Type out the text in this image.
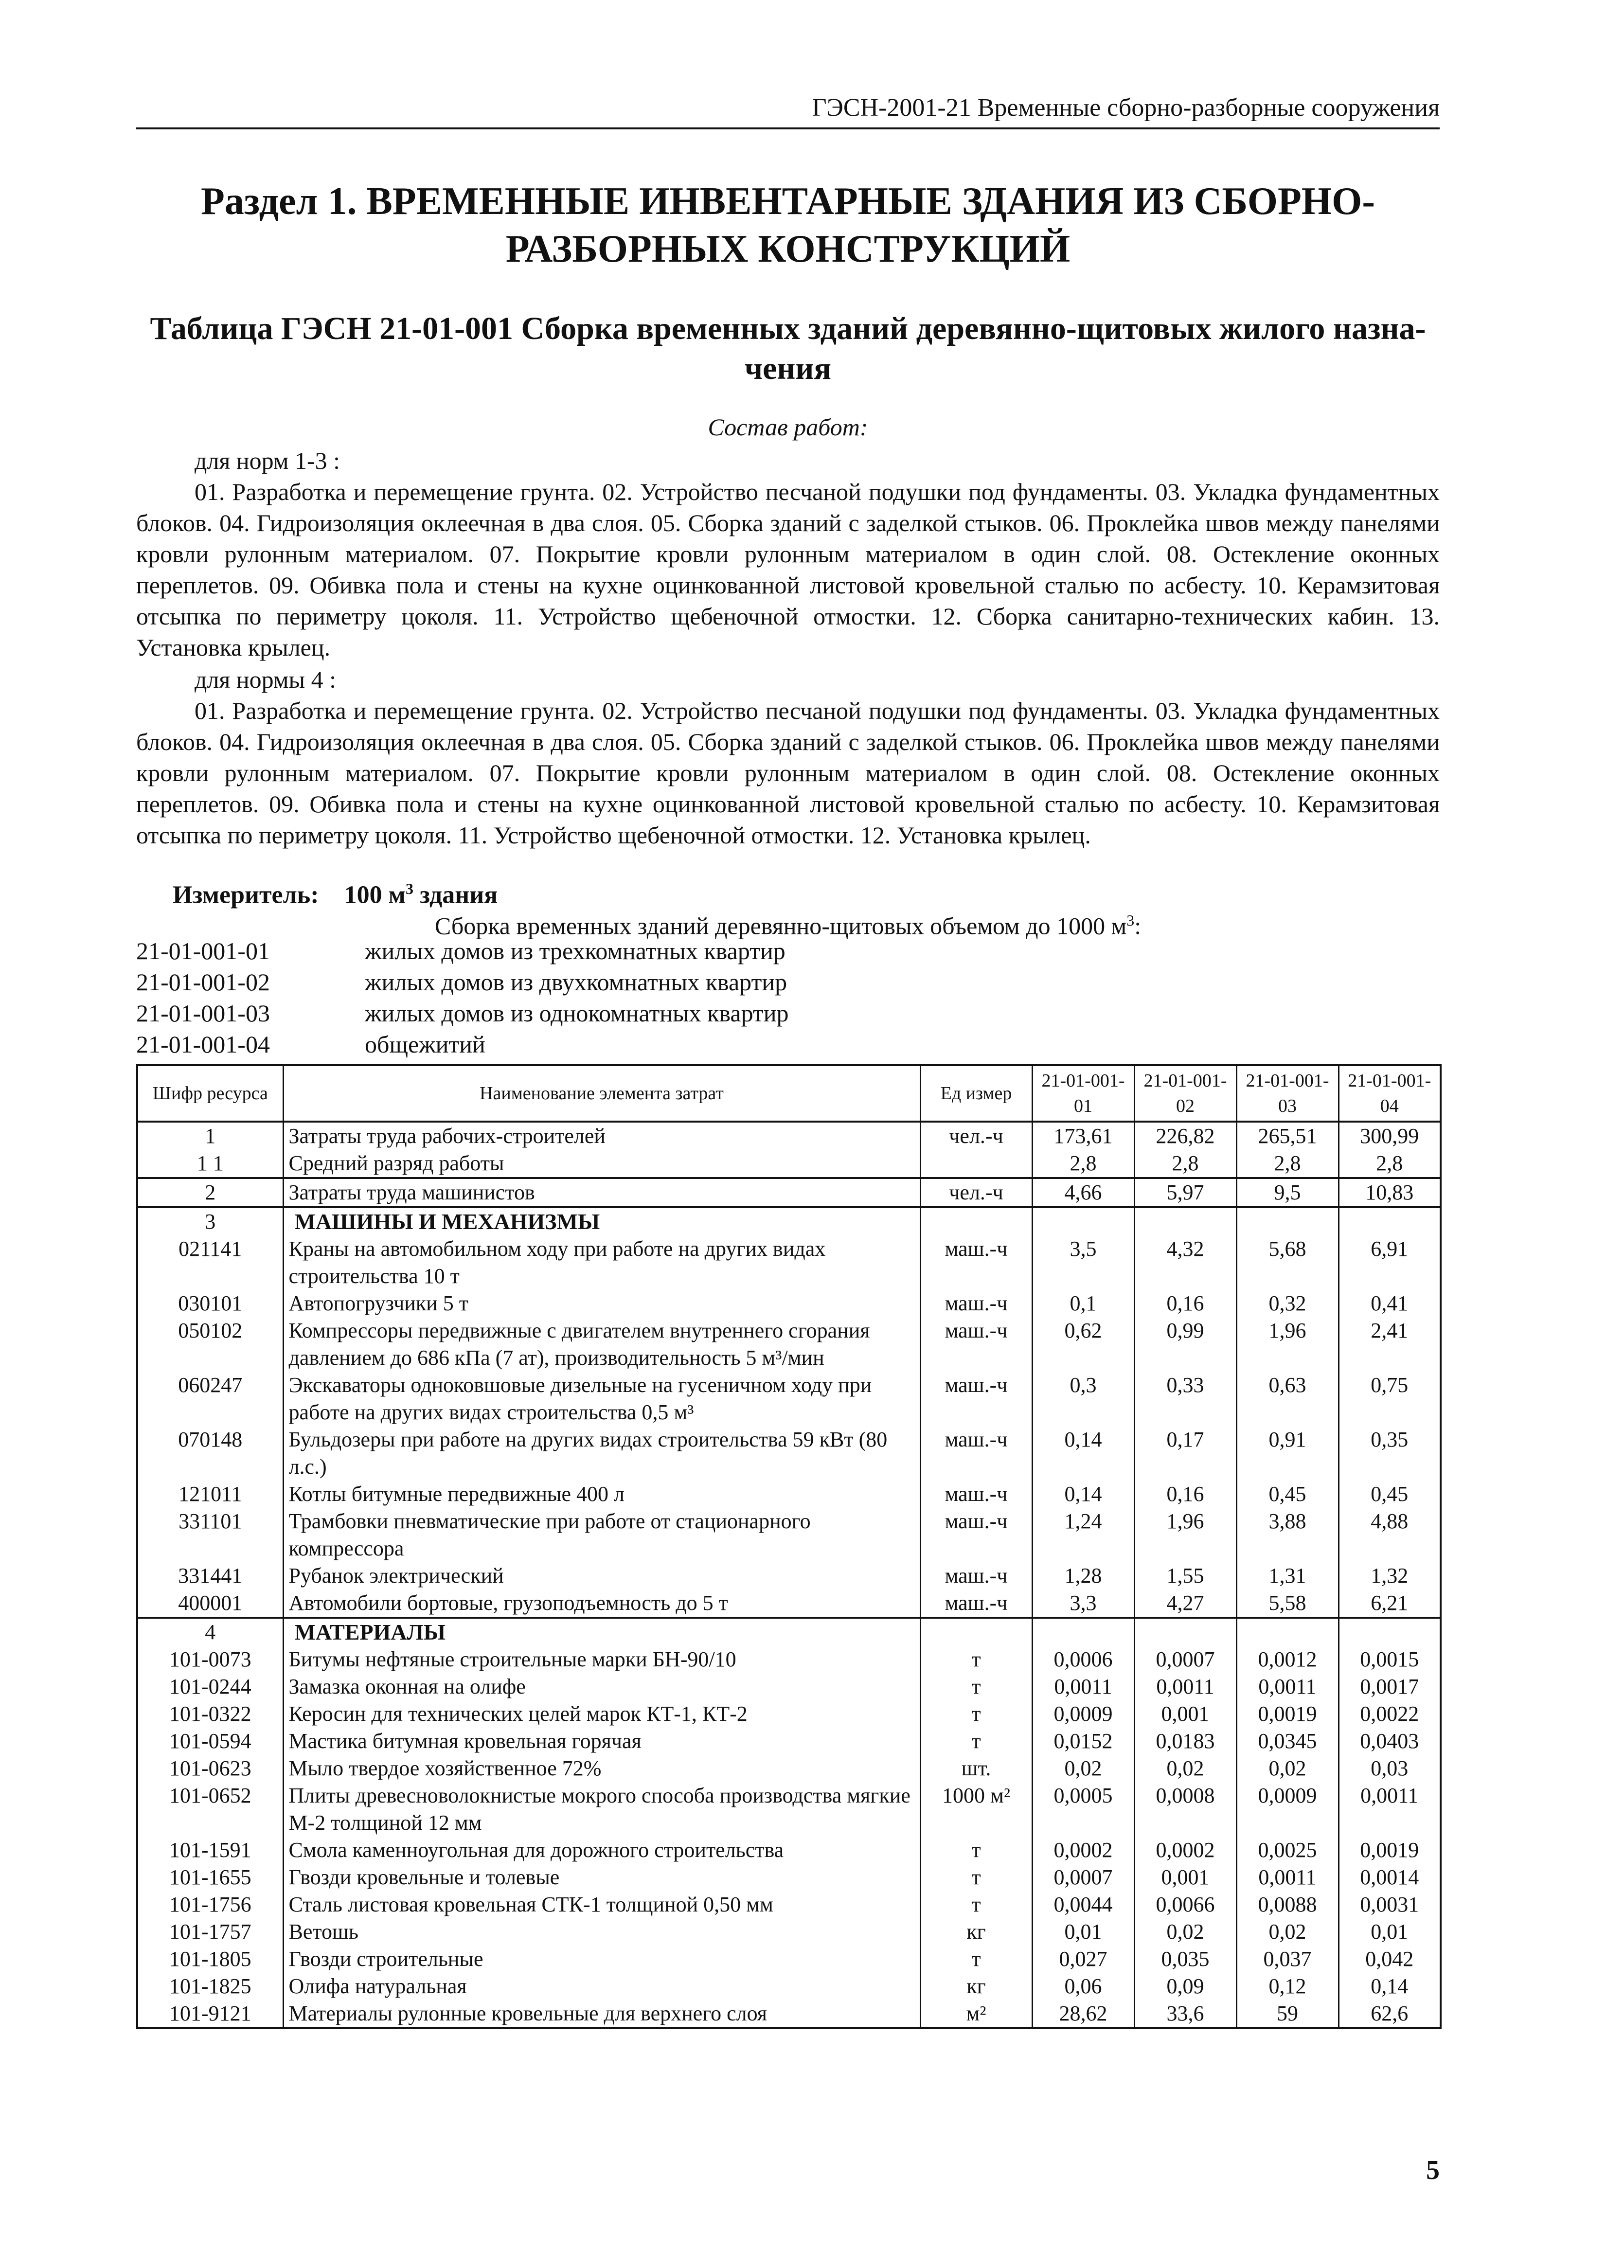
ГЭСН-2001-21 Временные сборно-разборные сооружения
Раздел 1. ВРЕМЕННЫЕ ИНВЕНТАРНЫЕ ЗДАНИЯ ИЗ СБОРНО-
РАЗБОРНЫХ КОНСТРУКЦИЙ
Таблица ГЭСН 21-01-001 Сборка временных зданий деревянно-щитовых жилого назна-
чения
Состав работ:

для норм 1-3 :

01. Разработка и перемещение грунта. 02. Устройство песчаной подушки под фундаменты. 03. Укладка фундаментных блоков. 04. Гидроизоляция оклеечная в два слоя. 05. Сборка зданий с заделкой стыков. 06. Проклейка швов между панелями кровли рулонным материалом. 07. Покрытие кровли рулонным материалом в один слой. 08. Остекление оконных переплетов. 09. Обивка пола и стены на кухне оцинкованной листовой кровельной сталью по асбесту. 10. Керамзитовая отсыпка по периметру цоколя. 11. Устройство щебеночной отмостки. 12. Сборка санитарно-технических кабин. 13. Установка крылец.

для нормы 4 :

01. Разработка и перемещение грунта. 02. Устройство песчаной подушки под фундаменты. 03. Укладка фундаментных блоков. 04. Гидроизоляция оклеечная в два слоя. 05. Сборка зданий с заделкой стыков. 06. Проклейка швов между панелями кровли рулонным материалом. 07. Покрытие кровли рулонным материалом в один слой. 08. Остекление оконных переплетов. 09. Обивка пола и стены на кухне оцинкованной листовой кровельной сталью по асбесту. 10. Керамзитовая отсыпка по периметру цоколя. 11. Устройство щебеночной отмостки. 12. Установка крылец.

Измеритель: 100 $м^3$ здания
Сборка временных зданий деревянно-щитовых объемом до 1000 $м^3$:
21-01-001-01	жилых домов из трехкомнатных квартир
21-01-001-02	жилых домов из двухкомнатных квартир
21-01-001-03	жилых домов из однокомнатных квартир
21-01-001-04	общежитий
Шифр ресурса	Наименование элемента затрат	Ед измер	21-01-001-01	21-01-001-02	21-01-001-03	21-01-001-04
1	Затраты труда рабочих-строителей	чел.-ч	173,61	226,82	265,51	300,99
1 1	Средний разряд работы		2,8	2,8	2,8	2,8
2	Затраты труда машинистов	чел.-ч	4,66	5,97	9,5	10,83
3	МАШИНЫ И МЕХАНИЗМЫ					
021141	Краны на автомобильном ходу при работе на других видах строительства 10 т	маш.-ч	3,5	4,32	5,68	6,91
030101	Автопогрузчики 5 т	маш.-ч	0,1	0,16	0,32	0,41
050102	Компрессоры передвижные с двигателем внутреннего сгорания давлением до 686 кПа (7 ат), производительность 5 м³/мин	маш.-ч	0,62	0,99	1,96	2,41
060247	Экскаваторы одноковшовые дизельные на гусеничном ходу при работе на других видах строительства 0,5 м³	маш.-ч	0,3	0,33	0,63	0,75
070148	Бульдозеры при работе на других видах строительства 59 кВт (80 л.с.)	маш.-ч	0,14	0,17	0,91	0,35
121011	Котлы битумные передвижные 400 л	маш.-ч	0,14	0,16	0,45	0,45
331101	Трамбовки пневматические при работе от стационарного компрессора	маш.-ч	1,24	1,96	3,88	4,88
331441	Рубанок электрический	маш.-ч	1,28	1,55	1,31	1,32
400001	Автомобили бортовые, грузоподъемность до 5 т	маш.-ч	3,3	4,27	5,58	6,21
4	МАТЕРИАЛЫ					
101-0073	Битумы нефтяные строительные марки БН-90/10	т	0,0006	0,0007	0,0012	0,0015
101-0244	Замазка оконная на олифе	т	0,0011	0,0011	0,0011	0,0017
101-0322	Керосин для технических целей марок КТ-1, КТ-2	т	0,0009	0,001	0,0019	0,0022
101-0594	Мастика битумная кровельная горячая	т	0,0152	0,0183	0,0345	0,0403
101-0623	Мыло твердое хозяйственное 72%	шт.	0,02	0,02	0,02	0,03
101-0652	Плиты древесноволокнистые мокрого способа производства мягкие М-2 толщиной 12 мм	1000 м²	0,0005	0,0008	0,0009	0,0011
101-1591	Смола каменноугольная для дорожного строительства	т	0,0002	0,0002	0,0025	0,0019
101-1655	Гвозди кровельные и толевые	т	0,0007	0,001	0,0011	0,0014
101-1756	Сталь листовая кровельная СТК-1 толщиной 0,50 мм	т	0,0044	0,0066	0,0088	0,0031
101-1757	Ветошь	кг	0,01	0,02	0,02	0,01
101-1805	Гвозди строительные	т	0,027	0,035	0,037	0,042
101-1825	Олифа натуральная	кг	0,06	0,09	0,12	0,14
101-9121	Материалы рулонные кровельные для верхнего слоя	м²	28,62	33,6	59	62,6
5
